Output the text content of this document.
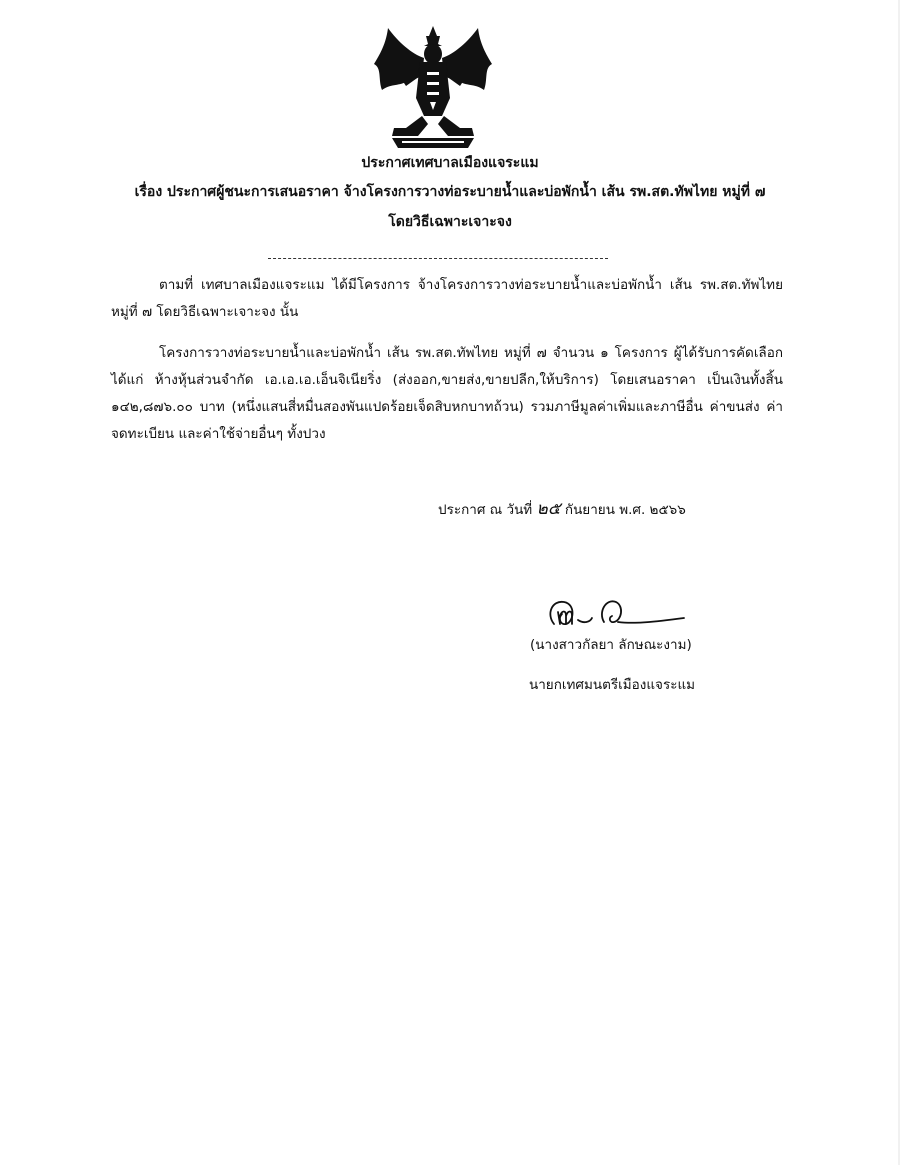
ประกาศเทศบาลเมืองแจระแม
เรื่อง ประกาศผู้ชนะการเสนอราคา จ้างโครงการวางท่อระบายน้ำและบ่อพักน้ำ เส้น รพ.สต.ทัพไทย หมู่ที่ ๗
โดยวิธีเฉพาะเจาะจง
ตามที่ เทศบาลเมืองแจระแม ได้มีโครงการ จ้างโครงการวางท่อระบายน้ำและบ่อพักน้ำ เส้น รพ.สต.ทัพไทย หมู่ที่ ๗ โดยวิธีเฉพาะเจาะจง นั้น
โครงการวางท่อระบายน้ำและบ่อพักน้ำ เส้น รพ.สต.ทัพไทย หมู่ที่ ๗ จำนวน ๑ โครงการ ผู้ได้รับการคัดเลือก ได้แก่ ห้างหุ้นส่วนจำกัด เอ.เอ.เอ.เอ็นจิเนียริ่ง (ส่งออก,ขายส่ง,ขายปลีก,ให้บริการ) โดยเสนอราคา เป็นเงินทั้งสิ้น ๑๔๒,๘๗๖.๐๐ บาท (หนึ่งแสนสี่หมื่นสองพันแปดร้อยเจ็ดสิบหกบาทถ้วน) รวมภาษีมูลค่าเพิ่มและภาษีอื่น ค่าขนส่ง ค่าจดทะเบียน และค่าใช้จ่ายอื่นๆ ทั้งปวง
ประกาศ ณ วันที่ ๒๕ กันยายน พ.ศ. ๒๕๖๖
(นางสาวกัลยา ลักษณะงาม)
นายกเทศมนตรีเมืองแจระแม
